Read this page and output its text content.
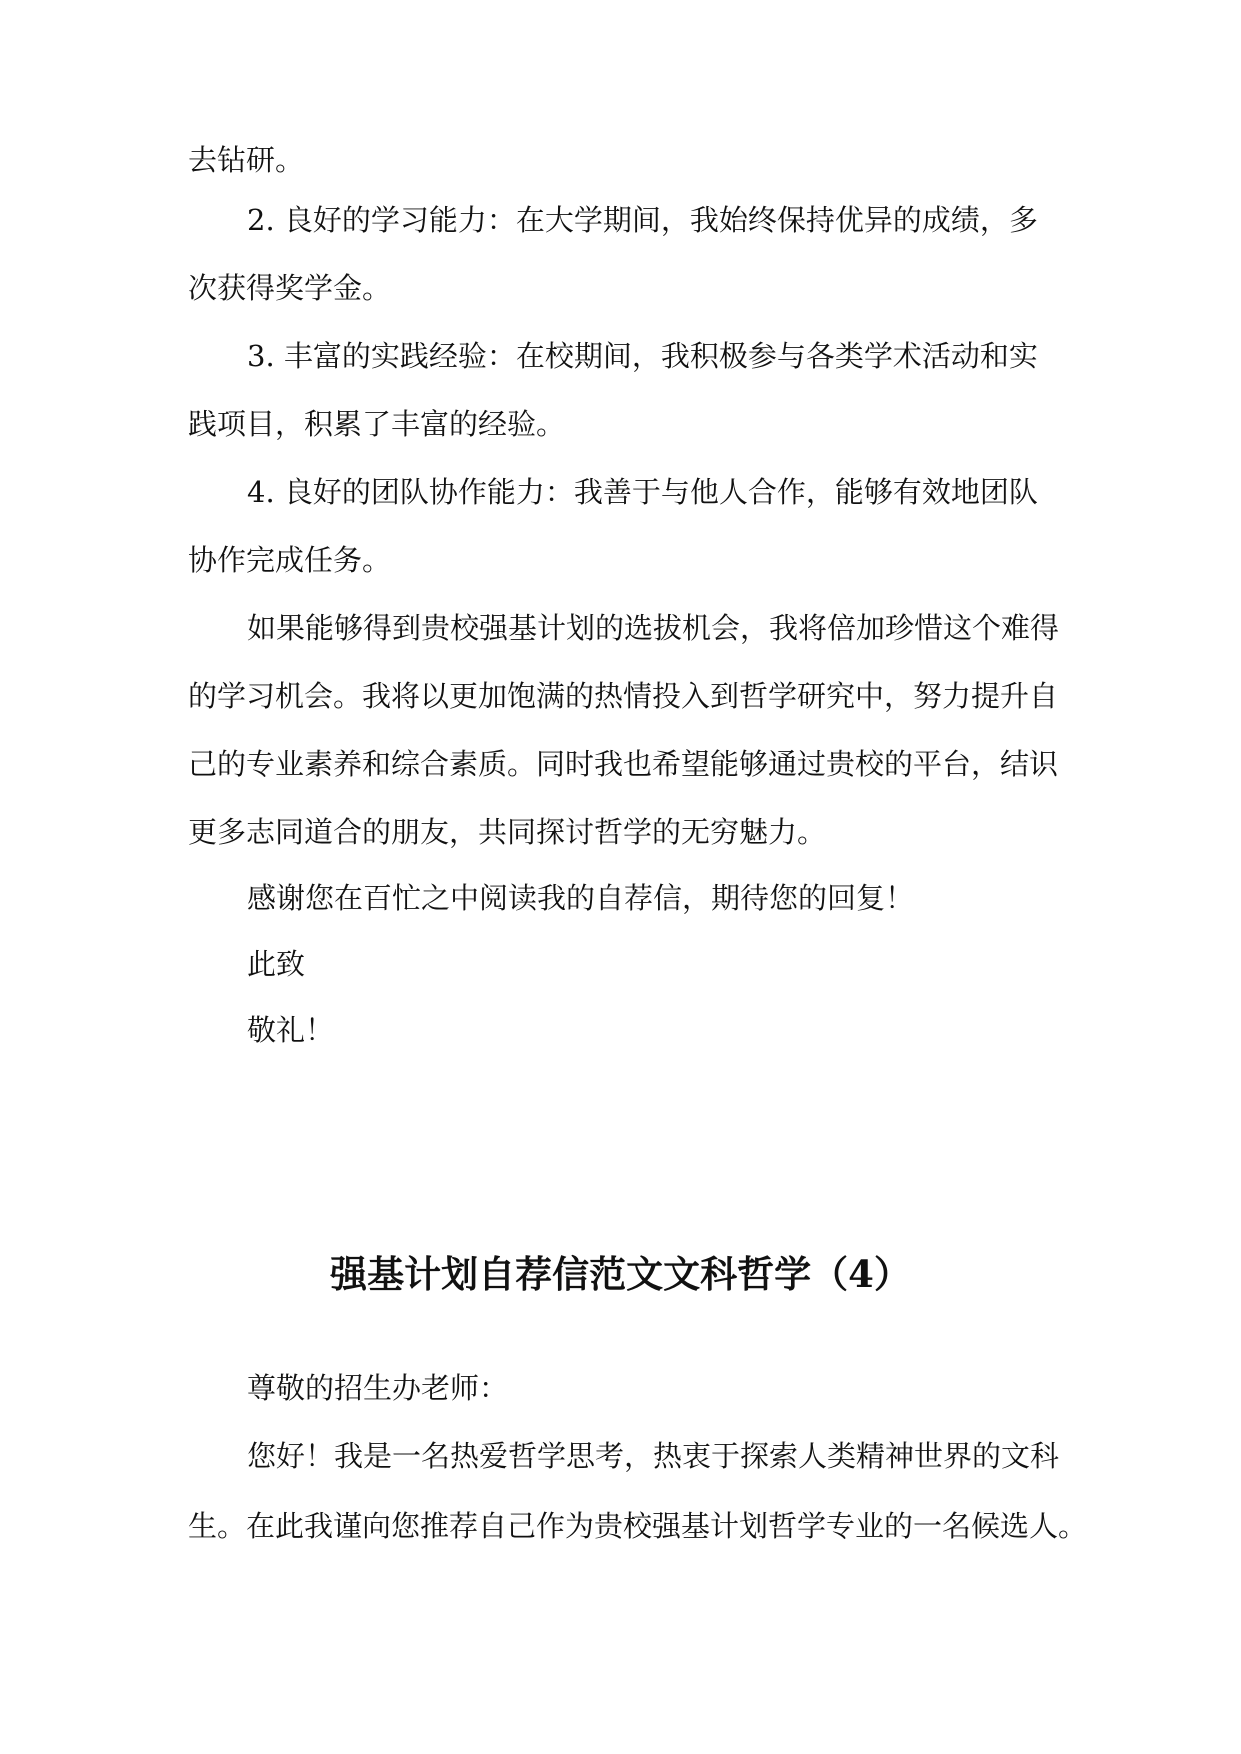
去钻研。

2. 良好的学习能力：在大学期间，我始终保持优异的成绩，多

次获得奖学金。

3. 丰富的实践经验：在校期间，我积极参与各类学术活动和实

践项目，积累了丰富的经验。

4. 良好的团队协作能力：我善于与他人合作，能够有效地团队

协作完成任务。

如果能够得到贵校强基计划的选拔机会，我将倍加珍惜这个难得

的学习机会。我将以更加饱满的热情投入到哲学研究中，努力提升自

己的专业素养和综合素质。同时我也希望能够通过贵校的平台，结识

更多志同道合的朋友，共同探讨哲学的无穷魅力。

感谢您在百忙之中阅读我的自荐信，期待您的回复！

此致

敬礼！

强基计划自荐信范文文科哲学（4）

尊敬的招生办老师：

您好！我是一名热爱哲学思考，热衷于探索人类精神世界的文科

生。在此我谨向您推荐自己作为贵校强基计划哲学专业的一名候选人。
